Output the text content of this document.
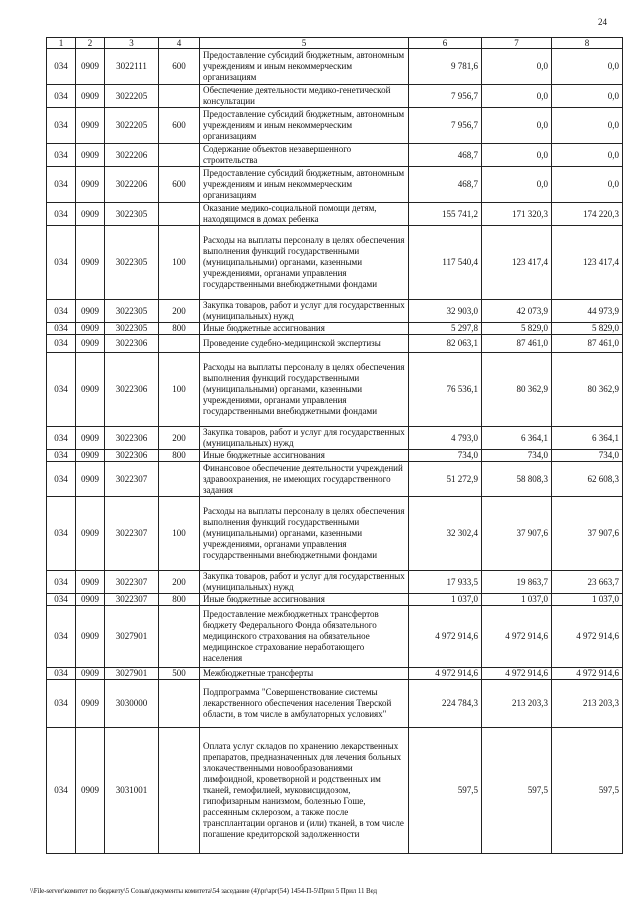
24
1	2	3	4	5	6	7	8
034	0909	3022111	600	Предоставление субсидий бюджетным, автономным учреждениям и иным некоммерческим организациям	9 781,6	0,0	0,0
034	0909	3022205		Обеспечение деятельности медико-генетической консультации	7 956,7	0,0	0,0
034	0909	3022205	600	Предоставление субсидий бюджетным, автономным учреждениям и иным некоммерческим организациям	7 956,7	0,0	0,0
034	0909	3022206		Содержание объектов незавершенного строительства	468,7	0,0	0,0
034	0909	3022206	600	Предоставление субсидий бюджетным, автономным учреждениям и иным некоммерческим организациям	468,7	0,0	0,0
034	0909	3022305		Оказание медико-социальной помощи детям, находящимся в домах ребенка	155 741,2	171 320,3	174 220,3
034	0909	3022305	100	Расходы на выплаты персоналу в целях обеспечения выполнения функций государственными (муниципальными) органами, казенными учреждениями, органами управления государственными внебюджетными фондами	117 540,4	123 417,4	123 417,4
034	0909	3022305	200	Закупка товаров, работ и услуг для государственных (муниципальных) нужд	32 903,0	42 073,9	44 973,9
034	0909	3022305	800	Иные бюджетные ассигнования	5 297,8	5 829,0	5 829,0
034	0909	3022306		Проведение судебно-медицинской экспертизы	82 063,1	87 461,0	87 461,0
034	0909	3022306	100	Расходы на выплаты персоналу в целях обеспечения выполнения функций государственными (муниципальными) органами, казенными учреждениями, органами управления государственными внебюджетными фондами	76 536,1	80 362,9	80 362,9
034	0909	3022306	200	Закупка товаров, работ и услуг для государственных (муниципальных) нужд	4 793,0	6 364,1	6 364,1
034	0909	3022306	800	Иные бюджетные ассигнования	734,0	734,0	734,0
034	0909	3022307		Финансовое обеспечение деятельности учреждений здравоохранения, не имеющих государственного задания	51 272,9	58 808,3	62 608,3
034	0909	3022307	100	Расходы на выплаты персоналу в целях обеспечения выполнения функций государственными (муниципальными) органами, казенными учреждениями, органами управления государственными внебюджетными фондами	32 302,4	37 907,6	37 907,6
034	0909	3022307	200	Закупка товаров, работ и услуг для государственных (муниципальных) нужд	17 933,5	19 863,7	23 663,7
034	0909	3022307	800	Иные бюджетные ассигнования	1 037,0	1 037,0	1 037,0
034	0909	3027901		Предоставление межбюджетных трансфертов бюджету Федерального Фонда обязательного медицинского страхования на обязательное медицинское страхование неработающего населения	4 972 914,6	4 972 914,6	4 972 914,6
034	0909	3027901	500	Межбюджетные трансферты	4 972 914,6	4 972 914,6	4 972 914,6
034	0909	3030000		Подпрограмма "Совершенствование системы лекарственного обеспечения населения Тверской области, в том числе в амбулаторных условиях"	224 784,3	213 203,3	213 203,3
034	0909	3031001		Оплата услуг складов по хранению лекарственных препаратов, предназначенных для лечения больных злокачественными новообразованиями лимфоидной, кроветворной и родственных им тканей, гемофилией, муковисцидозом, гипофизарным нанизмом, болезнью Гоше, рассеянным склерозом, а также после трансплантации органов и (или) тканей, в том числе погашение кредиторской задолженности	597,5	597,5	597,5
\\File-server\комитет по бюджету\5 Созыв\документы комитета\54 заседание (4)\pr\арг(54) 1454-П-5\Прил 5 Прил 11 Вед
